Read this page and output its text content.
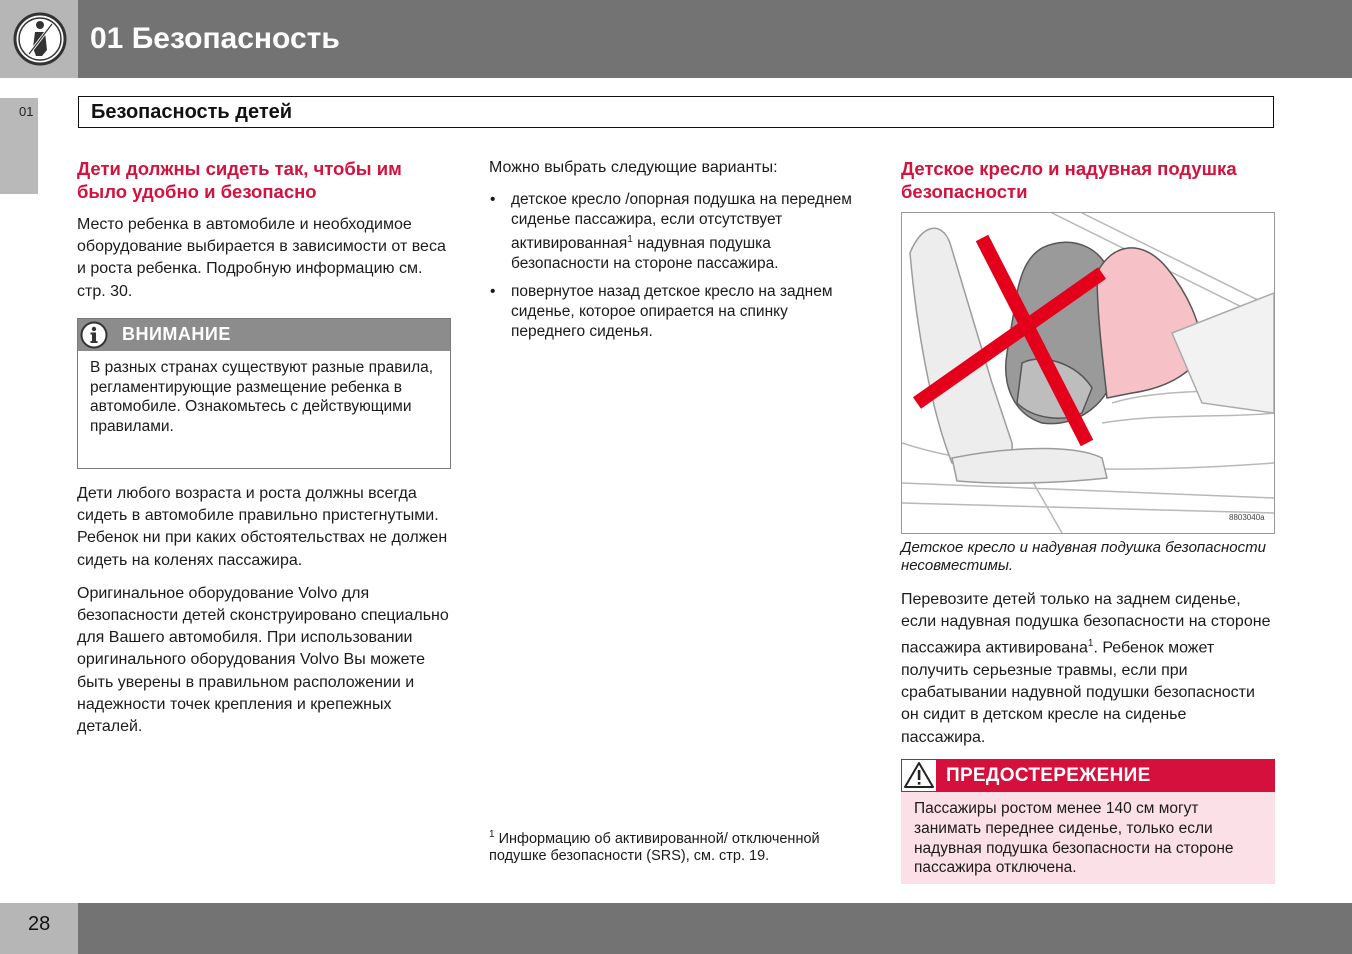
01 Безопасность
01	Безопасность детей
Дети должны сидеть так, чтобы им было удобно и безопасно

Место ребенка в автомобиле и необходимое оборудование выбирается в зависимости от веса и роста ребенка. Подробную информацию см. стр. 30.

ВНИМАНИЕ
В разных странах существуют разные правила, регламентирующие размещение ребенка в автомобиле. Ознакомьтесь с действующими правилами.

Дети любого возраста и роста должны всегда сидеть в автомобиле правильно пристегнутыми. Ребенок ни при каких обстоятельствах не должен сидеть на коленях пассажира.

Оригинальное оборудование Volvo для безопасности детей сконструировано специально для Вашего автомобиля. При использовании оригинального оборудования Volvo Вы можете быть уверены в правильном расположении и надежности точек крепления и крепежных деталей.

Можно выбрать следующие варианты:
• детское кресло /опорная подушка на переднем сиденье пассажира, если отсутствует активированная$^1$ надувная подушка безопасности на стороне пассажира.
• повернутое назад детское кресло на заднем сиденье, которое опирается на спинку переднего сиденья.
$^1$ Информацию об активированной/ отключенной подушке безопасности (SRS), см. стр. 19.
Детское кресло и надувная подушка безопасности
8803040a
Детское кресло и надувная подушка безопасности несовместимы.
Перевозите детей только на заднем сиденье, если надувная подушка безопасности на стороне пассажира активирована$^1$. Ребенок может получить серьезные травмы, если при срабатывании надувной подушки безопасности он сидит в детском кресле на сиденье пассажира.
ПРЕДОСТЕРЕЖЕНИЕ
Пассажиры ростом менее 140 см могут занимать переднее сиденье, только если надувная подушка безопасности на стороне пассажира отключена.
28
